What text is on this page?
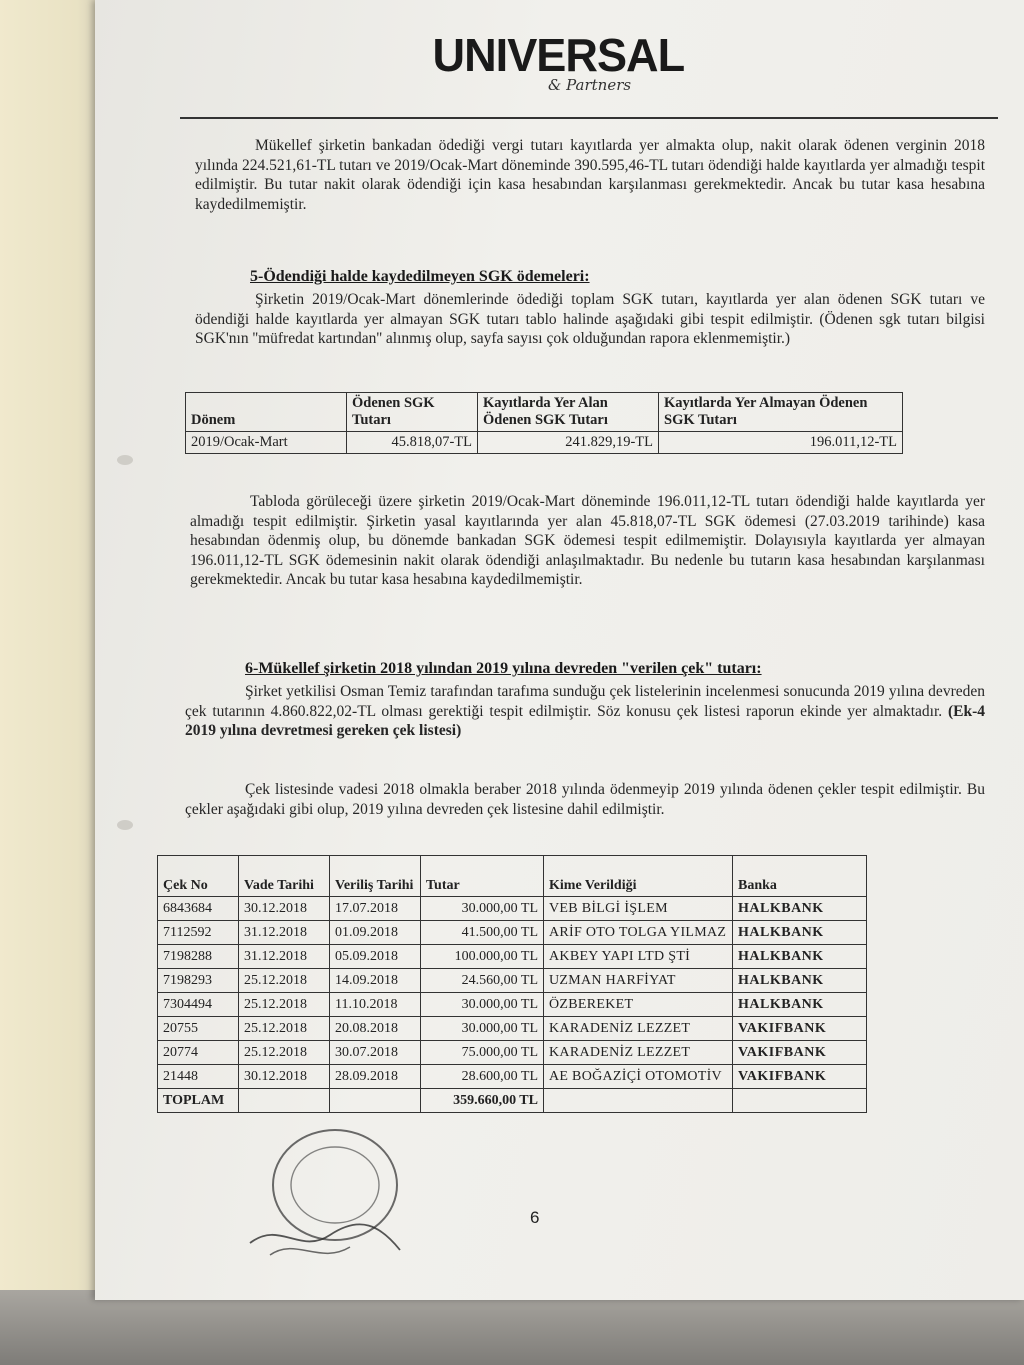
UNIVERSAL
& Partners
Mükellef şirketin bankadan ödediği vergi tutarı kayıtlarda yer almakta olup, nakit olarak ödenen verginin 2018 yılında 224.521,61-TL tutarı ve 2019/Ocak-Mart döneminde 390.595,46-TL tutarı ödendiği halde kayıtlarda yer almadığı tespit edilmiştir. Bu tutar nakit olarak ödendiği için kasa hesabından karşılanması gerekmektedir. Ancak bu tutar kasa hesabına kaydedilmemiştir.
5-Ödendiği halde kaydedilmeyen SGK ödemeleri:
Şirketin 2019/Ocak-Mart dönemlerinde ödediği toplam SGK tutarı, kayıtlarda yer alan ödenen SGK tutarı ve ödendiği halde kayıtlarda yer almayan SGK tutarı tablo halinde aşağıdaki gibi tespit edilmiştir. (Ödenen sgk tutarı bilgisi SGK'nın ''müfredat kartından'' alınmış olup, sayfa sayısı çok olduğundan rapora eklenmemiştir.)
Dönem	Ödenen SGK Tutarı	Kayıtlarda Yer Alan Ödenen SGK Tutarı	Kayıtlarda Yer Almayan Ödenen SGK Tutarı
2019/Ocak-Mart	45.818,07-TL	241.829,19-TL	196.011,12-TL
Tabloda görüleceği üzere şirketin 2019/Ocak-Mart döneminde 196.011,12-TL tutarı ödendiği halde kayıtlarda yer almadığı tespit edilmiştir. Şirketin yasal kayıtlarında yer alan 45.818,07-TL SGK ödemesi (27.03.2019 tarihinde) kasa hesabından ödenmiş olup, bu dönemde bankadan SGK ödemesi tespit edilmemiştir. Dolayısıyla kayıtlarda yer almayan 196.011,12-TL SGK ödemesinin nakit olarak ödendiği anlaşılmaktadır. Bu nedenle bu tutarın kasa hesabından karşılanması gerekmektedir. Ancak bu tutar kasa hesabına kaydedilmemiştir.
6-Mükellef şirketin 2018 yılından 2019 yılına devreden "verilen çek" tutarı:
Şirket yetkilisi Osman Temiz tarafından tarafıma sunduğu çek listelerinin incelenmesi sonucunda 2019 yılına devreden çek tutarının 4.860.822,02-TL olması gerektiği tespit edilmiştir. Söz konusu çek listesi raporun ekinde yer almaktadır. (Ek-4 2019 yılına devretmesi gereken çek listesi)
Çek listesinde vadesi 2018 olmakla beraber 2018 yılında ödenmeyip 2019 yılında ödenen çekler tespit edilmiştir. Bu çekler aşağıdaki gibi olup, 2019 yılına devreden çek listesine dahil edilmiştir.
Çek No	Vade Tarihi	Veriliş Tarihi	Tutar	Kime Verildiği	Banka
6843684	30.12.2018	17.07.2018	30.000,00 TL	VEB BİLGİ İŞLEM	HALKBANK
7112592	31.12.2018	01.09.2018	41.500,00 TL	ARİF OTO TOLGA YILMAZ	HALKBANK
7198288	31.12.2018	05.09.2018	100.000,00 TL	AKBEY YAPI LTD ŞTİ	HALKBANK
7198293	25.12.2018	14.09.2018	24.560,00 TL	UZMAN HARFİYAT	HALKBANK
7304494	25.12.2018	11.10.2018	30.000,00 TL	ÖZBEREKET	HALKBANK
20755	25.12.2018	20.08.2018	30.000,00 TL	KARADENİZ LEZZET	VAKIFBANK
20774	25.12.2018	30.07.2018	75.000,00 TL	KARADENİZ LEZZET	VAKIFBANK
21448	30.12.2018	28.09.2018	28.600,00 TL	AE BOĞAZİÇİ OTOMOTİV	VAKIFBANK
TOPLAM			359.660,00 TL		
6
